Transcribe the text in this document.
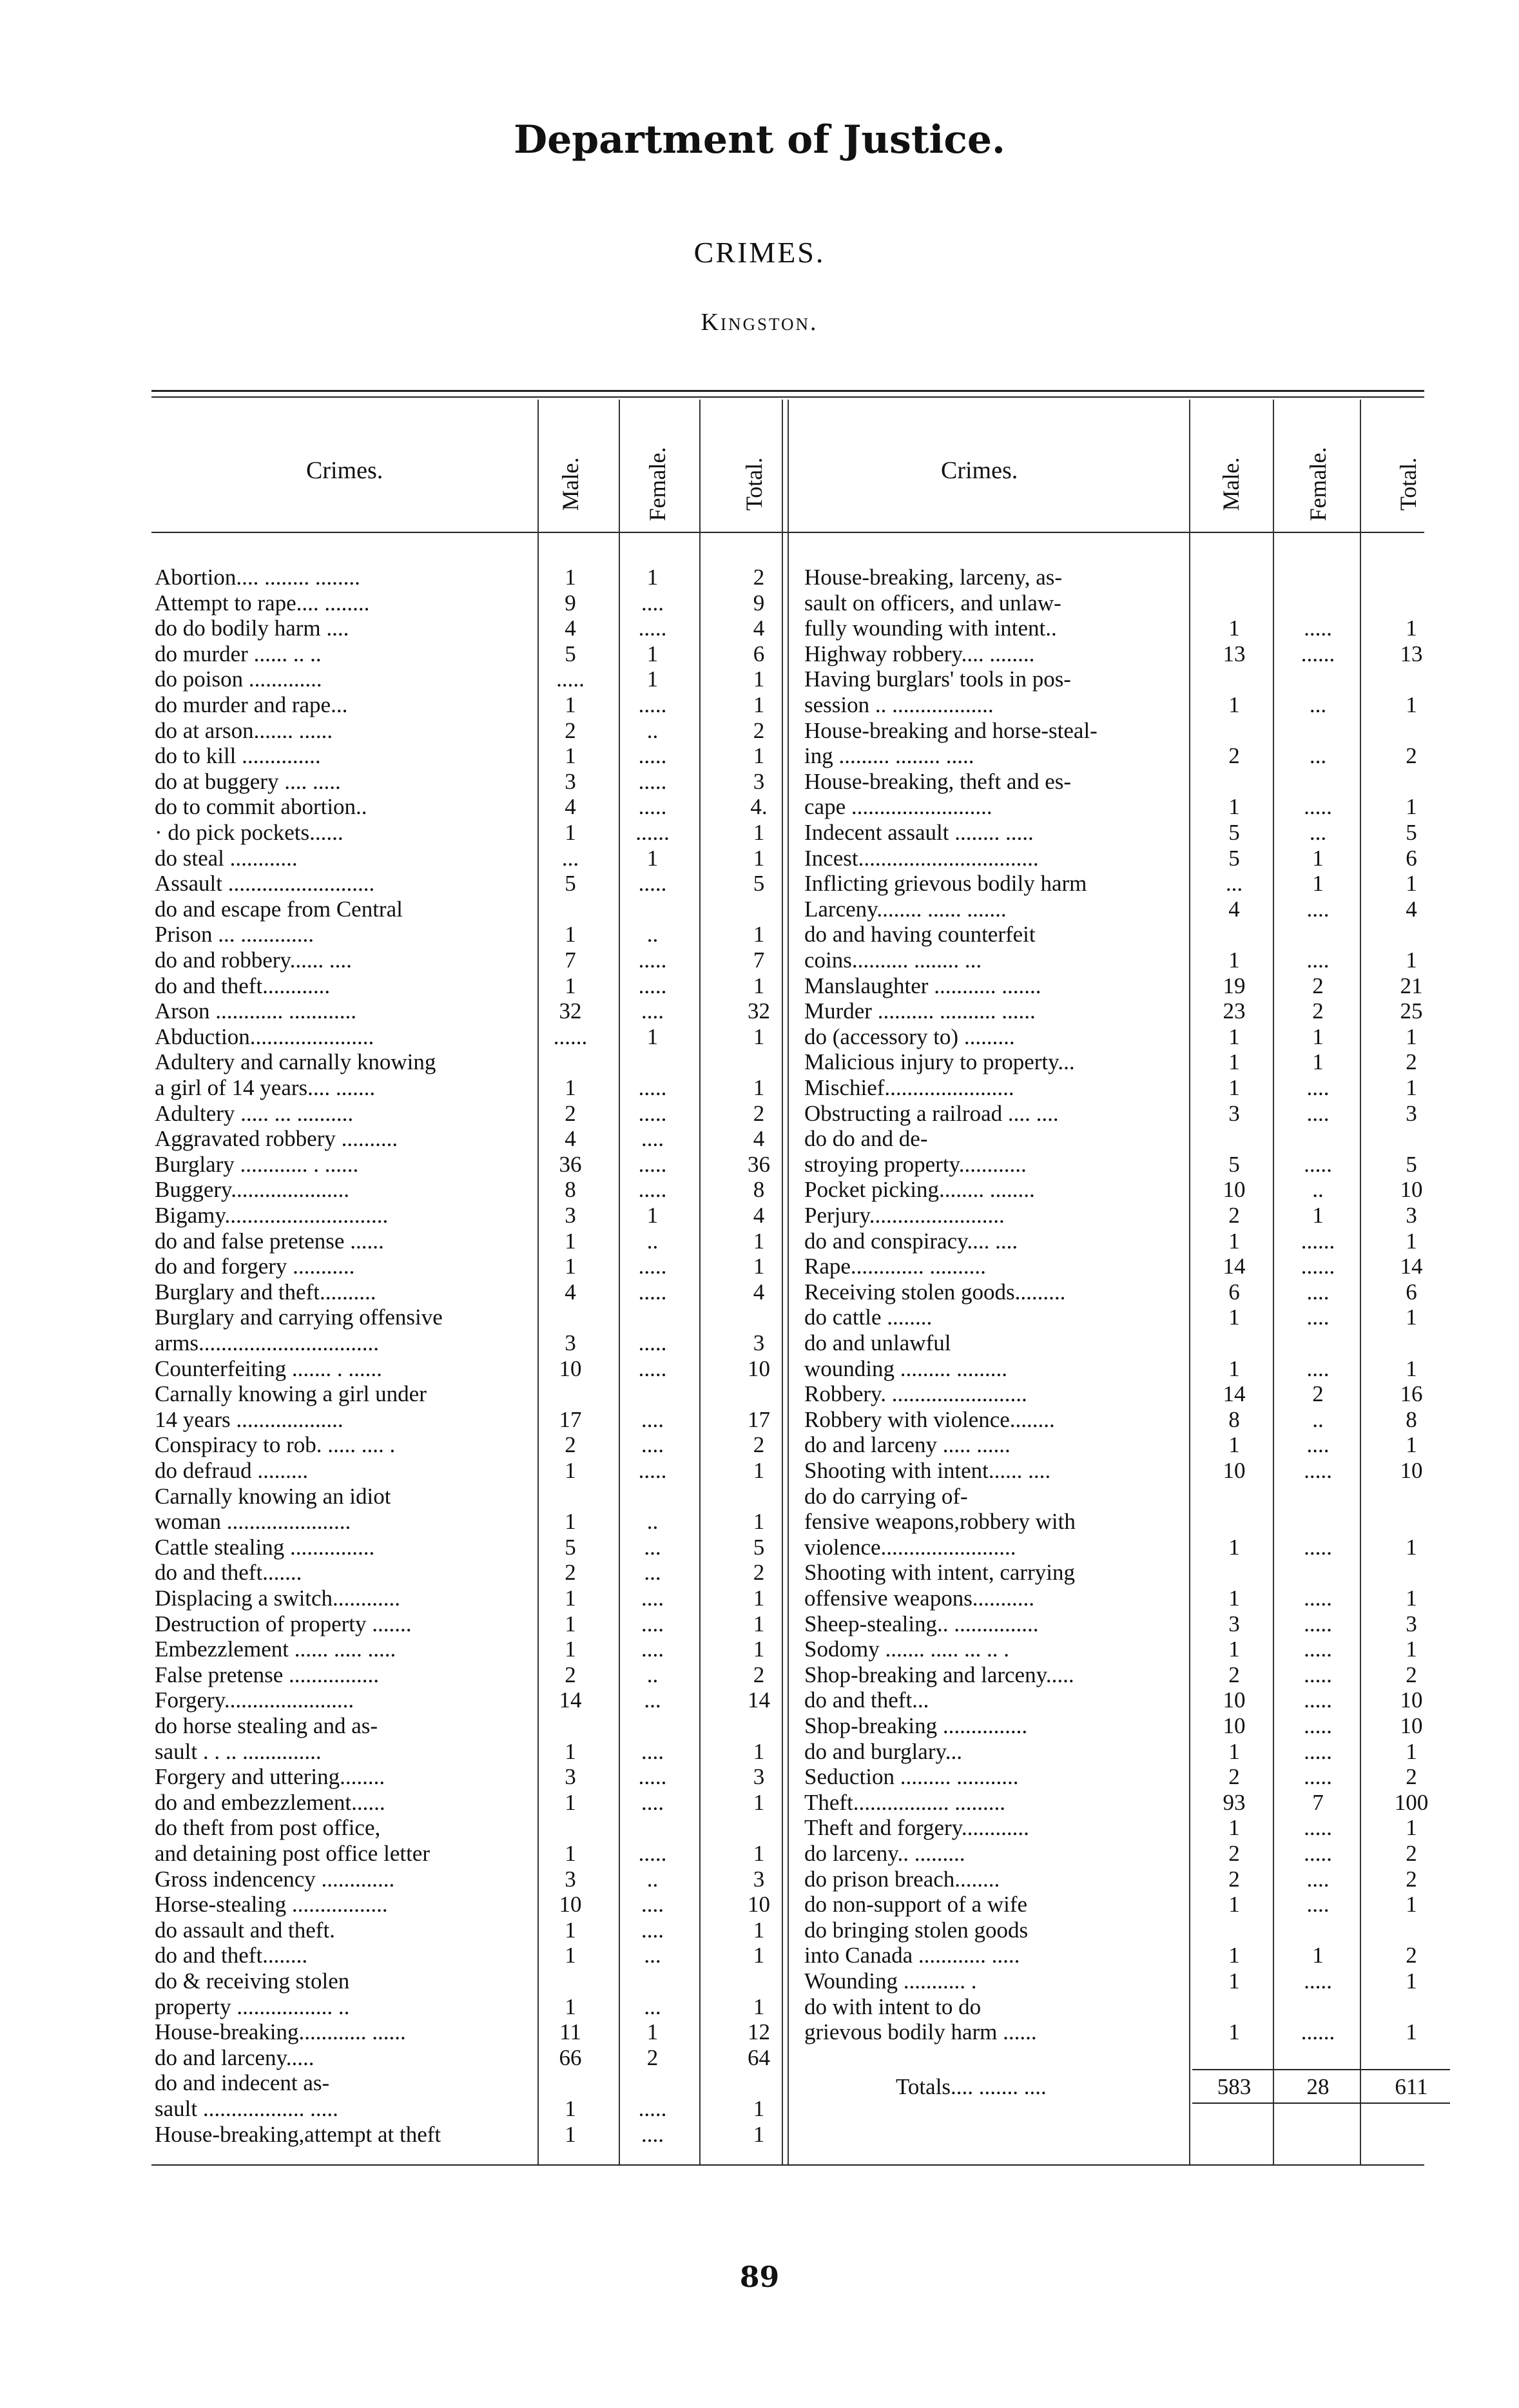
Department of Justice.
CRIMES.
Kingston.
Crimes.	Male.	Female.	Total.	Crimes.	Male.	Female.	Total.
Abortion.... ........ ........	1	1	2
Attempt to rape.... ........	9	....	9
do do bodily harm ....	4	.....	4
do murder ...... .. ..	5	1	6
do poison .............	.....	1	1
do murder and rape...	1	.....	1
do at arson....... ......	2	..	2
do to kill ..............	1	.....	1
do at buggery .... .....	3	.....	3
do to commit abortion..	4	.....	4.
· do pick pockets......	1	......	1
do steal ............	...	1	1
Assault ..........................	5	.....	5
do and escape from Central
Prison ... .............	1	..	1
do and robbery...... ....	7	.....	7
do and theft............	1	.....	1
Arson ............ ............	32	....	32
Abduction......................	......	1	1
Adultery and carnally knowing
a girl of 14 years.... .......	1	.....	1
Adultery ..... ... ..........	2	.....	2
Aggravated robbery ..........	4	....	4
Burglary ............ . ......	36	.....	36
Buggery.....................	8	.....	8
Bigamy.............................	3	1	4
do and false pretense ......	1	..	1
do and forgery ...........	1	.....	1
Burglary and theft..........	4	.....	4
Burglary and carrying offensive
arms................................	3	.....	3
Counterfeiting ....... . ......	10	.....	10
Carnally knowing a girl under
14 years ...................	17	....	17
Conspiracy to rob. ..... .... .	2	....	2
do defraud .........	1	.....	1
Carnally knowing an idiot
woman ......................	1	..	1
Cattle stealing ...............	5	...	5
do and theft.......	2	...	2
Displacing a switch............	1	....	1
Destruction of property .......	1	....	1
Embezzlement ...... ..... .....	1	....	1
False pretense ................	2	..	2
Forgery.......................	14	...	14
do horse stealing and as-
sault . . .. ..............	1	....	1
Forgery and uttering........	3	.....	3
do and embezzlement......	1	....	1
do theft from post office,
and detaining post office letter	1	.....	1
Gross indencency .............	3	..	3
Horse-stealing .................	10	....	10
do assault and theft.	1	....	1
do and theft........	1	...	1
do & receiving stolen
property ................. ..	1	...	1
House-breaking............ ......	11	1	12
do and larceny.....	66	2	64
do and indecent as-
sault .................. .....	1	.....	1
House-breaking,attempt at theft	1	....	1
House-breaking, larceny, as-
sault on officers, and unlaw-
fully wounding with intent..	1	.....	1
Highway robbery.... ........	13	......	13
Having burglars' tools in pos-
session .. ..................	1	...	1
House-breaking and horse-steal-
ing ......... ........ .....	2	...	2
House-breaking, theft and es-
cape .........................	1	.....	1
Indecent assault ........ .....	5	...	5
Incest................................	5	1	6
Inflicting grievous bodily harm	...	1	1
Larceny........ ...... .......	4	....	4
do and having counterfeit
coins.......... ........ ...	1	....	1
Manslaughter ........... .......	19	2	21
Murder .......... .......... ......	23	2	25
do (accessory to) .........	1	1	1
Malicious injury to property...	1	1	2
Mischief.......................	1	....	1
Obstructing a railroad .... ....	3	....	3
do do and de-
stroying property............	5	.....	5
Pocket picking........ ........	10	..	10
Perjury........................	2	1	3
do and conspiracy.... ....	1	......	1
Rape............. ..........	14	......	14
Receiving stolen goods.........	6	....	6
do cattle ........	1	....	1
do and unlawful
wounding ......... .........	1	....	1
Robbery. ........................	14	2	16
Robbery with violence........	8	..	8
do and larceny ..... ......	1	....	1
Shooting with intent...... ....	10	.....	10
do do carrying of-
fensive weapons,robbery with
violence........................	1	.....	1
Shooting with intent, carrying
offensive weapons...........	1	.....	1
Sheep-stealing.. ...............	3	.....	3
Sodomy ....... ..... ... .. .	1	.....	1
Shop-breaking and larceny.....	2	.....	2
do and theft...	10	.....	10
Shop-breaking ...............	10	.....	10
do and burglary...	1	.....	1
Seduction ......... ...........	2	.....	2
Theft................. .........	93	7	100
Theft and forgery............	1	.....	1
do larceny.. .........	2	.....	2
do prison breach........	2	....	2
do non-support of a wife	1	....	1
do bringing stolen goods
into Canada ............ .....	1	1	2
Wounding ........... .	1	.....	1
do with intent to do
grievous bodily harm ......	1	......	1
Totals.... ....... ....	583	28	611
89
